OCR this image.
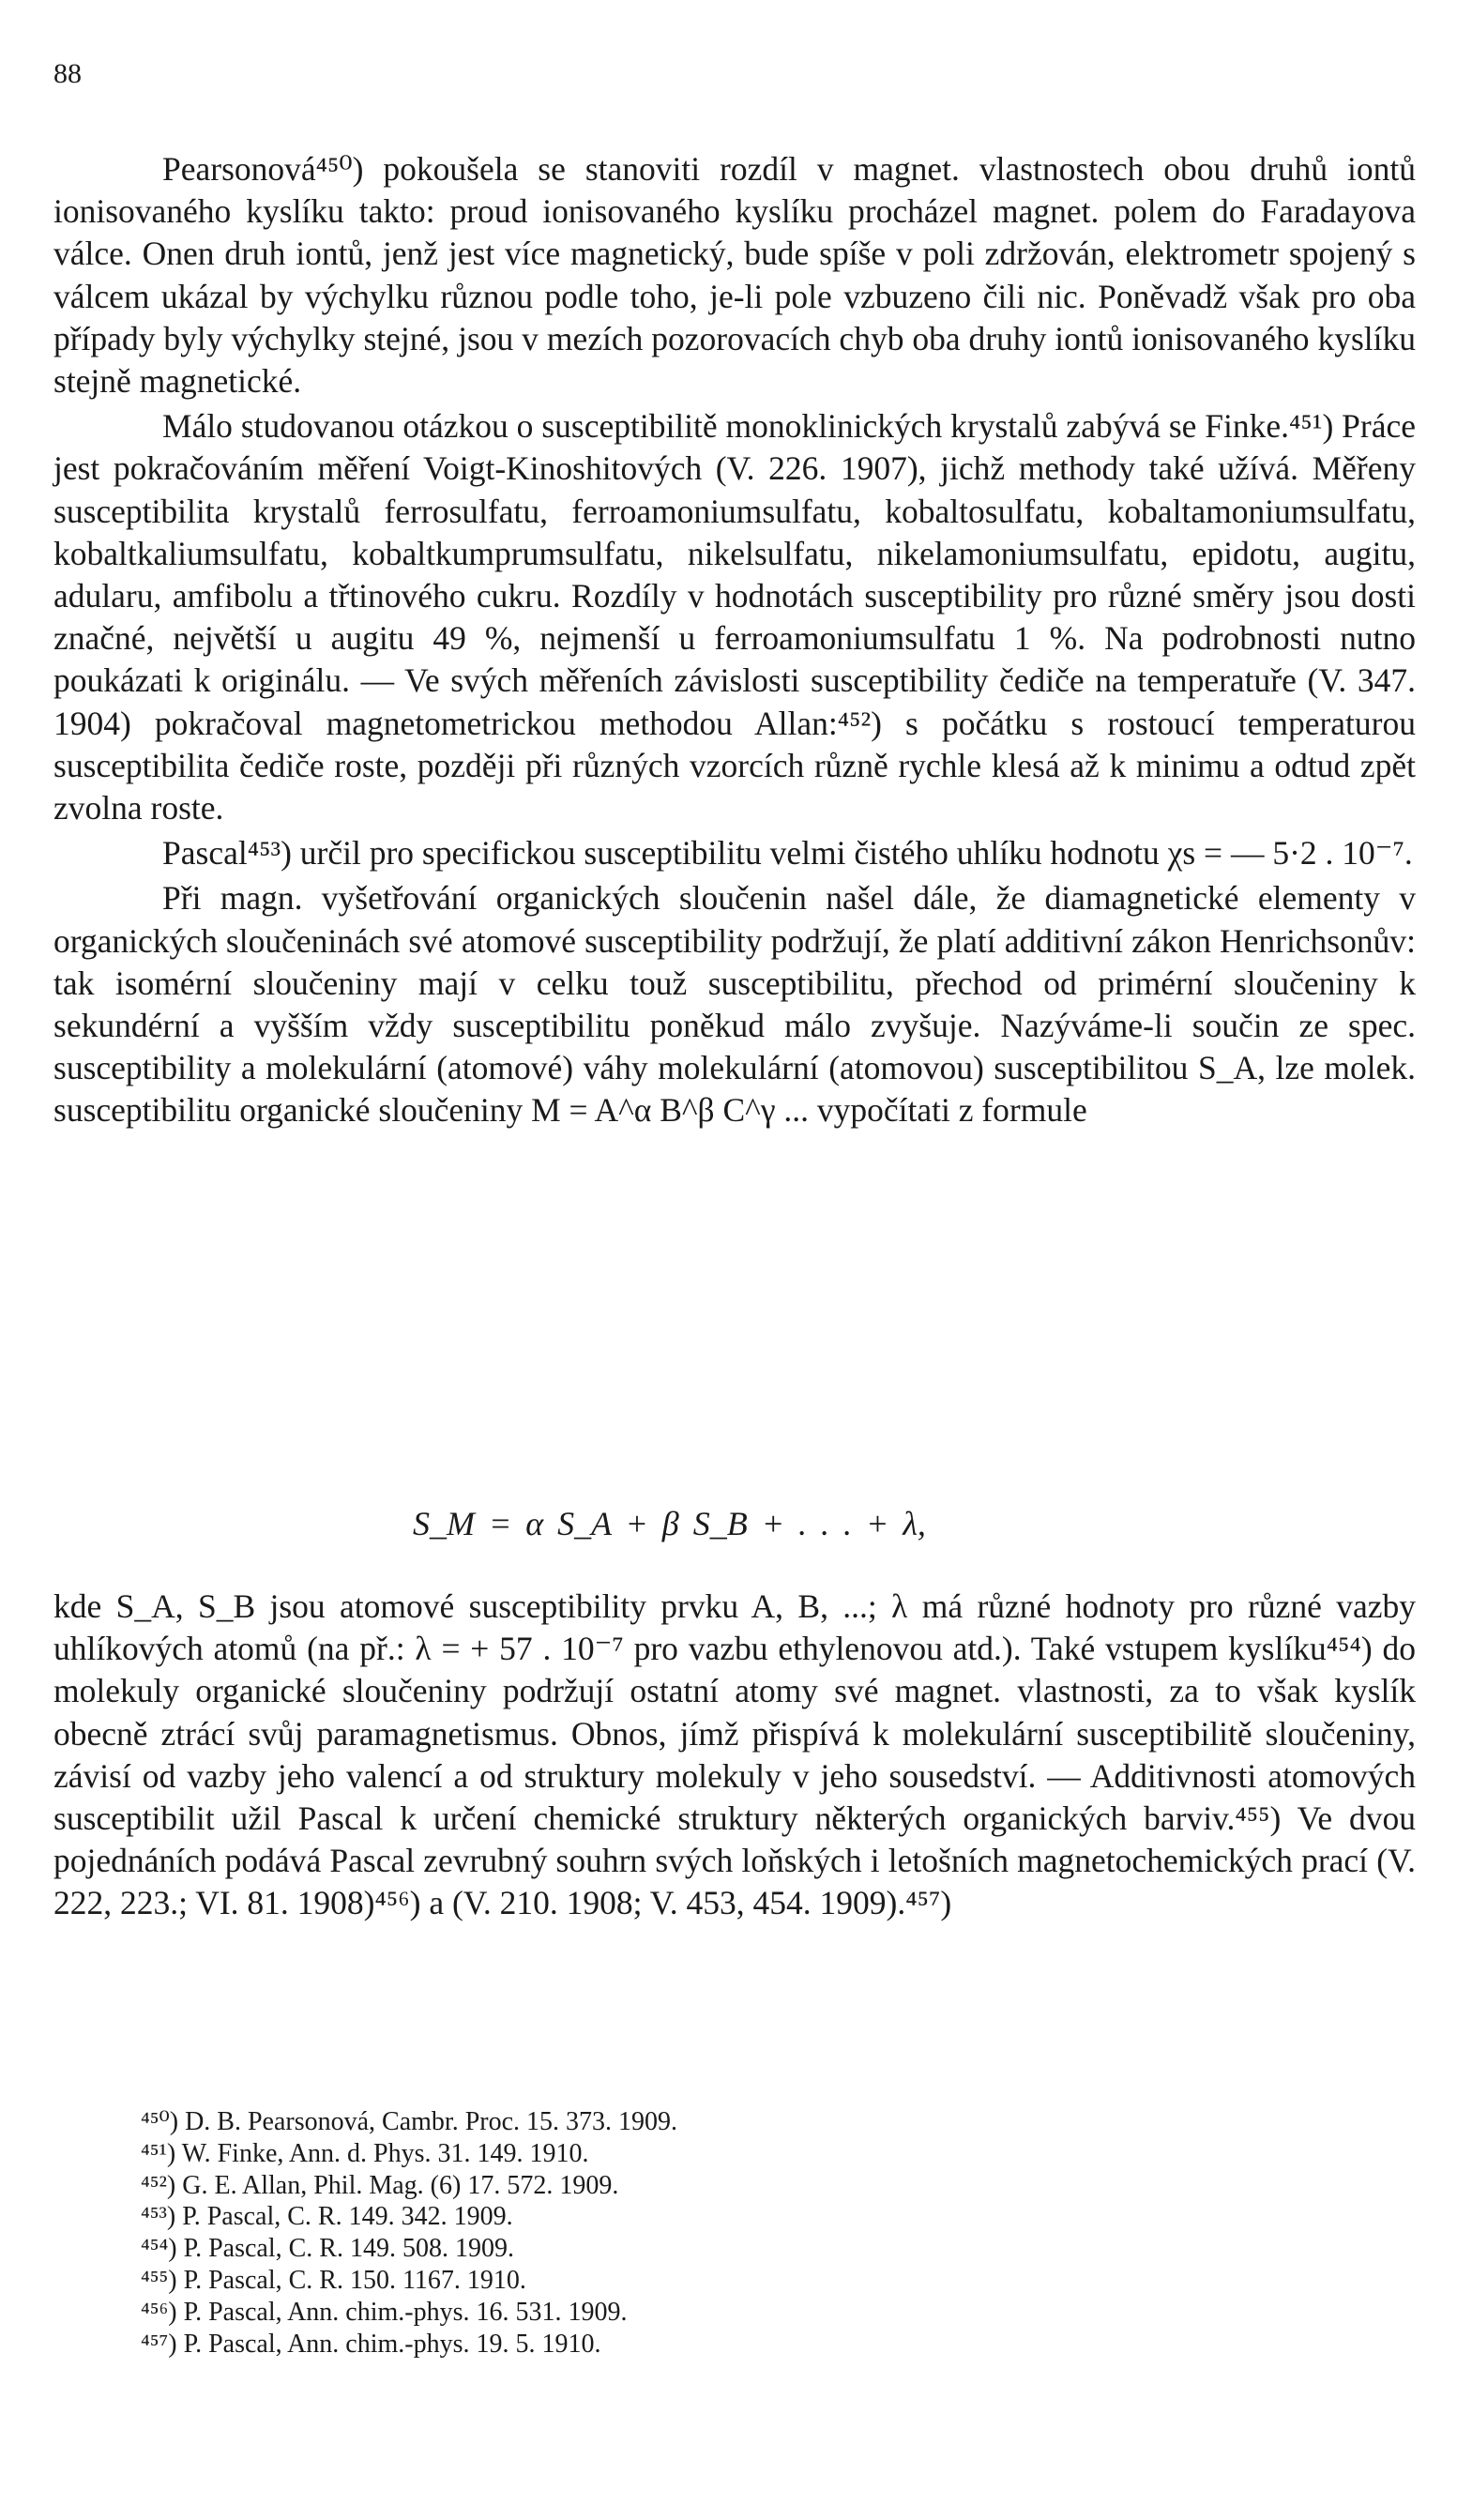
88

Pearsonová⁴⁵⁰) pokoušela se stanoviti rozdíl v magnet. vlastnostech obou druhů iontů ionisovaného kyslíku takto: proud ionisovaného kyslíku procházel magnet. polem do Faradayova válce. Onen druh iontů, jenž jest více magnetický, bude spíše v poli zdržován, elektrometr spojený s válcem ukázal by výchylku různou podle toho, je-li pole vzbuzeno čili nic. Poněvadž však pro oba případy byly výchylky stejné, jsou v mezích pozorovacích chyb oba druhy iontů ionisovaného kyslíku stejně magnetické.

Málo studovanou otázkou o susceptibilitě monoklinických krystalů zabývá se Finke.⁴⁵¹) Práce jest pokračováním měření Voigt-Kinoshitových (V. 226. 1907), jichž methody také užívá. Měřeny susceptibilita krystalů ferrosulfatu, ferroamoniumsulfatu, kobaltosulfatu, kobaltamoniumsulfatu, kobaltkaliumsulfatu, kobaltkumprumsulfatu, nikelsulfatu, nikelamoniumsulfatu, epidotu, augitu, adularu, amfibolu a třtinového cukru. Rozdíly v hodnotách susceptibility pro různé směry jsou dosti značné, největší u augitu 49 %, nejmenší u ferroamoniumsulfatu 1 %. Na podrobnosti nutno poukázati k originálu. — Ve svých měřeních závislosti susceptibility čediče na temperatuře (V. 347. 1904) pokračoval magnetometrickou methodou Allan:⁴⁵²) s počátku s rostoucí temperaturou susceptibilita čediče roste, později při různých vzorcích různě rychle klesá až k minimu a odtud zpět zvolna roste.

Pascal⁴⁵³) určil pro specifickou susceptibilitu velmi čistého uhlíku hodnotu χs = — 5·2 . 10⁻⁷.

Při magn. vyšetřování organických sloučenin našel dále, že diamagnetické elementy v organických sloučeninách své atomové susceptibility podržují, že platí additivní zákon Henrichsonův: tak isomérní sloučeniny mají v celku touž susceptibilitu, přechod od primérní sloučeniny k sekundérní a vyšším vždy susceptibilitu poněkud málo zvyšuje. Nazýváme-li součin ze spec. susceptibility a molekulární (atomové) váhy molekulární (atomovou) susceptibilitou S_A, lze molek. susceptibilitu organické sloučeniny M = A^α B^β C^γ ... vypočítati z formule

S_M = α S_A + β S_B + . . . + λ,

kde S_A, S_B jsou atomové susceptibility prvku A, B, ...; λ má různé hodnoty pro různé vazby uhlíkových atomů (na př.: λ = + 57 . 10⁻⁷ pro vazbu ethylenovou atd.). Také vstupem kyslíku⁴⁵⁴) do molekuly organické sloučeniny podržují ostatní atomy své magnet. vlastnosti, za to však kyslík obecně ztrácí svůj paramagnetismus. Obnos, jímž přispívá k molekulární susceptibilitě sloučeniny, závisí od vazby jeho valencí a od struktury molekuly v jeho sousedství. — Additivnosti atomových susceptibilit užil Pascal k určení chemické struktury některých organických barviv.⁴⁵⁵) Ve dvou pojednáních podává Pascal zevrubný souhrn svých loňských i letošních magnetochemických prací (V. 222, 223.; VI. 81. 1908)⁴⁵⁶) a (V. 210. 1908; V. 453, 454. 1909).⁴⁵⁷)

⁴⁵⁰) D. B. Pearsonová, Cambr. Proc. 15. 373. 1909.
⁴⁵¹) W. Finke, Ann. d. Phys. 31. 149. 1910.
⁴⁵²) G. E. Allan, Phil. Mag. (6) 17. 572. 1909.
⁴⁵³) P. Pascal, C. R. 149. 342. 1909.
⁴⁵⁴) P. Pascal, C. R. 149. 508. 1909.
⁴⁵⁵) P. Pascal, C. R. 150. 1167. 1910.
⁴⁵⁶) P. Pascal, Ann. chim.-phys. 16. 531. 1909.
⁴⁵⁷) P. Pascal, Ann. chim.-phys. 19. 5. 1910.
